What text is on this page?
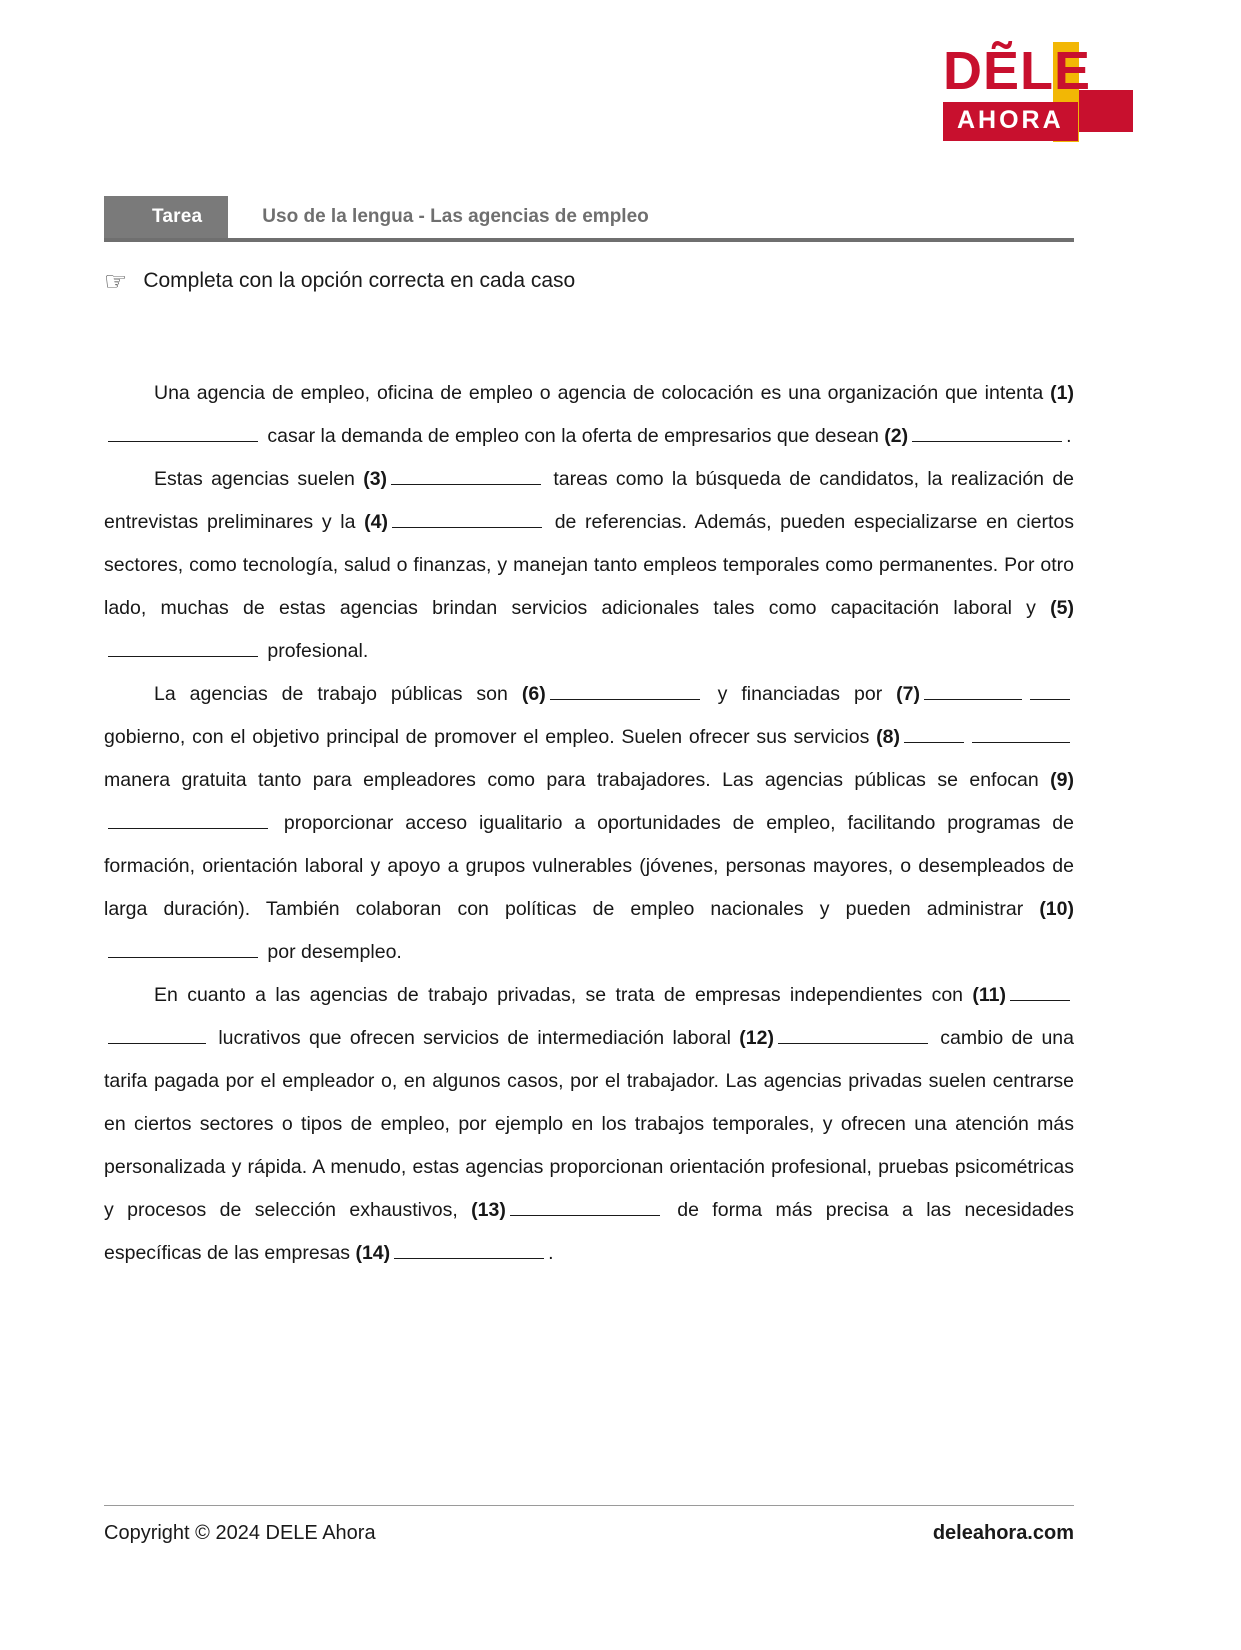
DẼLE
AHORA
Tarea	Uso de la lengua - Las agencias de empleo
☞ Completa con la opción correcta en cada caso

Una agencia de empleo, oficina de empleo o agencia de colocación es una organización que intenta (1) casar la demanda de empleo con la oferta de empresarios que desean (2)	.

Estas agencias suelen (3)	tareas como la búsqueda de candidatos, la realización de entrevistas preliminares y la (4)	de referencias. Además, pueden especializarse en ciertos sectores, como tecnología, salud o finanzas, y manejan tanto empleos temporales como permanentes. Por otro lado, muchas de estas agencias brindan servicios adicionales tales como capacitación laboral y (5) profesional.

La agencias de trabajo públicas son (6)	y financiadas por (7) gobierno, con el objetivo principal de promover el empleo. Suelen ofrecer sus servicios (8) manera gratuita tanto para empleadores como para trabajadores. Las agencias públicas se enfocan (9) proporcionar acceso igualitario a oportunidades de empleo, facilitando programas de formación, orientación laboral y apoyo a grupos vulnerables (jóvenes, personas mayores, o desempleados de larga duración). También colaboran con políticas de empleo nacionales y pueden administrar (10) por desempleo.

En cuanto a las agencias de trabajo privadas, se trata de empresas independientes con (11) lucrativos que ofrecen servicios de intermediación laboral (12)	cambio de una tarifa pagada por el empleador o, en algunos casos, por el trabajador. Las agencias privadas suelen centrarse en ciertos sectores o tipos de empleo, por ejemplo en los trabajos temporales, y ofrecen una atención más personalizada y rápida. A menudo, estas agencias proporcionan orientación profesional, pruebas psicométricas y procesos de selección exhaustivos, (13)	de forma más precisa a las necesidades específicas de las empresas (14)	.

Copyright © 2024 DELE Ahora	deleahora.com
